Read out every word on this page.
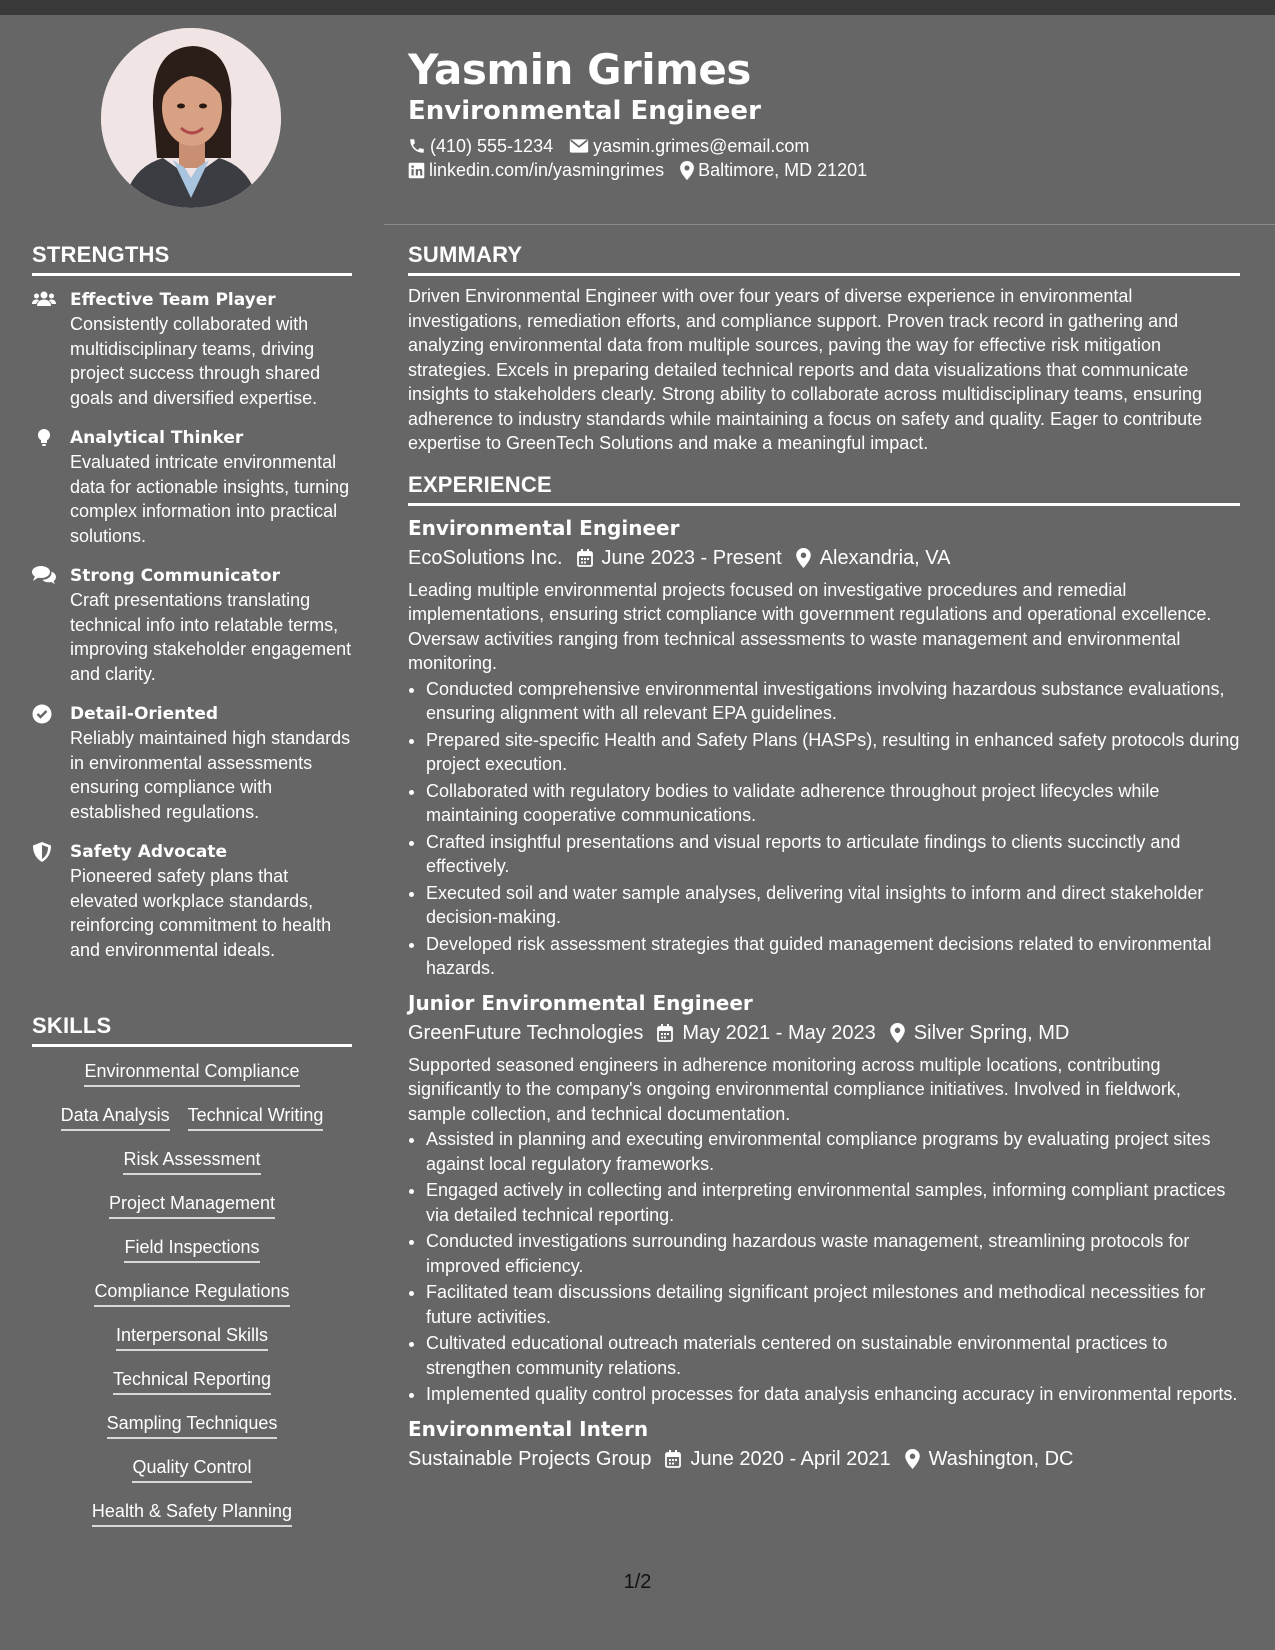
Yasmin Grimes
Environmental Engineer
(410) 555-1234 yasmin.grimes@email.com
linkedin.com/in/yasmingrimes Baltimore, MD 21201
STRENGTHS
Effective Team Player
Consistently collaborated with multidisciplinary teams, driving project success through shared goals and diversified expertise.
Analytical Thinker
Evaluated intricate environmental data for actionable insights, turning complex information into practical solutions.
Strong Communicator
Craft presentations translating technical info into relatable terms, improving stakeholder engagement and clarity.
Detail-Oriented
Reliably maintained high standards in environmental assessments ensuring compliance with established regulations.
Safety Advocate
Pioneered safety plans that elevated workplace standards, reinforcing commitment to health and environmental ideals.
SKILLS
Environmental Compliance
Data Analysis Technical Writing
Risk Assessment
Project Management
Field Inspections
Compliance Regulations
Interpersonal Skills
Technical Reporting
Sampling Techniques
Quality Control
Health & Safety Planning
SUMMARY

Driven Environmental Engineer with over four years of diverse experience in environmental investigations, remediation efforts, and compliance support. Proven track record in gathering and analyzing environmental data from multiple sources, paving the way for effective risk mitigation strategies. Excels in preparing detailed technical reports and data visualizations that communicate insights to stakeholders clearly. Strong ability to collaborate across multidisciplinary teams, ensuring adherence to industry standards while maintaining a focus on safety and quality. Eager to contribute expertise to GreenTech Solutions and make a meaningful impact.

EXPERIENCE
Environmental Engineer
EcoSolutions Inc. June 2023 - Present Alexandria, VA
Leading multiple environmental projects focused on investigative procedures and remedial implementations, ensuring strict compliance with government regulations and operational excellence. Oversaw activities ranging from technical assessments to waste management and environmental monitoring.
• Conducted comprehensive environmental investigations involving hazardous substance evaluations, ensuring alignment with all relevant EPA guidelines.
• Prepared site-specific Health and Safety Plans (HASPs), resulting in enhanced safety protocols during project execution.
• Collaborated with regulatory bodies to validate adherence throughout project lifecycles while maintaining cooperative communications.
• Crafted insightful presentations and visual reports to articulate findings to clients succinctly and effectively.
• Executed soil and water sample analyses, delivering vital insights to inform and direct stakeholder decision-making.
• Developed risk assessment strategies that guided management decisions related to environmental hazards.
Junior Environmental Engineer
GreenFuture Technologies May 2021 - May 2023 Silver Spring, MD
Supported seasoned engineers in adherence monitoring across multiple locations, contributing significantly to the company's ongoing environmental compliance initiatives. Involved in fieldwork, sample collection, and technical documentation.
• Assisted in planning and executing environmental compliance programs by evaluating project sites against local regulatory frameworks.
• Engaged actively in collecting and interpreting environmental samples, informing compliant practices via detailed technical reporting.
• Conducted investigations surrounding hazardous waste management, streamlining protocols for improved efficiency.
• Facilitated team discussions detailing significant project milestones and methodical necessities for future activities.
• Cultivated educational outreach materials centered on sustainable environmental practices to strengthen community relations.
• Implemented quality control processes for data analysis enhancing accuracy in environmental reports.
Environmental Intern
Sustainable Projects Group June 2020 - April 2021 Washington, DC
1/2
